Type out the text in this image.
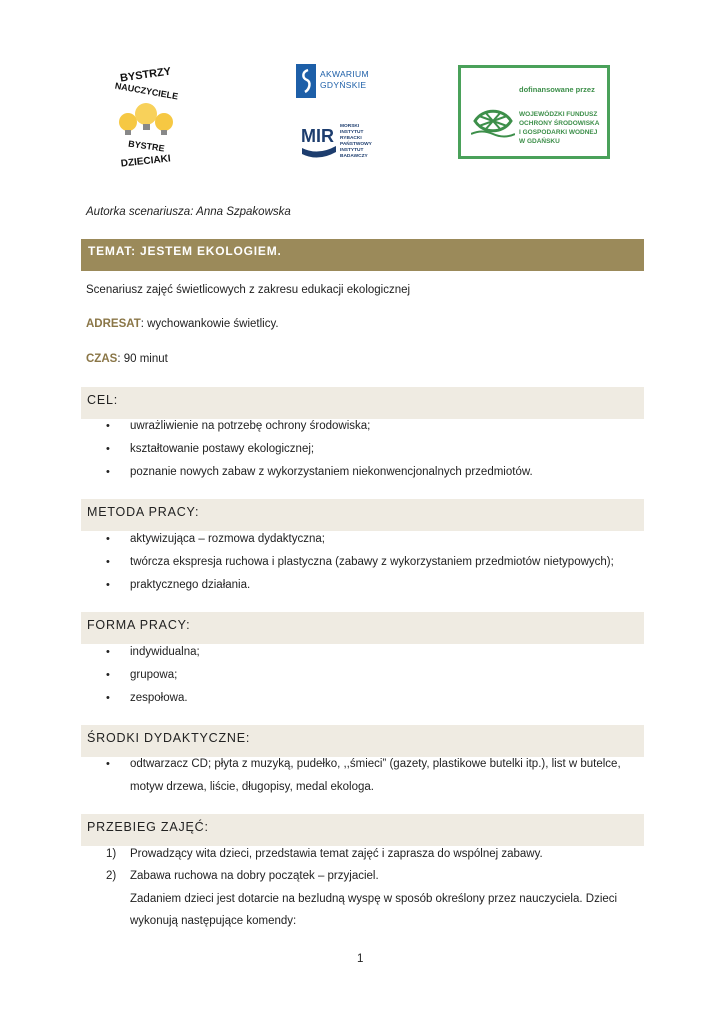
BYSTRZY
NAUCZYCIELE
BYSTRE
DZIECIAKI
AKWARIUM
GDYŃSKIE
MIR MORSKI
INSTYTUT
RYBACKI
PAŃSTWOWY
INSTYTUT
BADAWCZY
dofinansowane przez
WOJEWÓDZKI FUNDUSZ
OCHRONY ŚRODOWISKA
I GOSPODARKI WODNEJ
W GDAŃSKU
Autorka scenariusza: Anna Szpakowska
TEMAT: JESTEM EKOLOGIEM.
Scenariusz zajęć świetlicowych z zakresu edukacji ekologicznej
ADRESAT: wychowankowie świetlicy.
CZAS: 90 minut
CEL:
• uwrażliwienie na potrzebę ochrony środowiska;
• kształtowanie postawy ekologicznej;
• poznanie nowych zabaw z wykorzystaniem niekonwencjonalnych przedmiotów.
METODA PRACY:
• aktywizująca – rozmowa dydaktyczna;
• twórcza ekspresja ruchowa i plastyczna (zabawy z wykorzystaniem przedmiotów nietypowych);
• praktycznego działania.
FORMA PRACY:
• indywidualna;
• grupowa;
• zespołowa.
ŚRODKI DYDAKTYCZNE:
• odtwarzacz CD; płyta z muzyką, pudełko, ,,śmieci” (gazety, plastikowe butelki itp.), list w butelce,
motyw drzewa, liście, długopisy, medal ekologa.
PRZEBIEG ZAJĘĆ:
1) Prowadzący wita dzieci, przedstawia temat zajęć i zaprasza do wspólnej zabawy.
2) Zabawa ruchowa na dobry początek – przyjaciel.
Zadaniem dzieci jest dotarcie na bezludną wyspę w sposób określony przez nauczyciela. Dzieci
wykonują następujące komendy:
1
